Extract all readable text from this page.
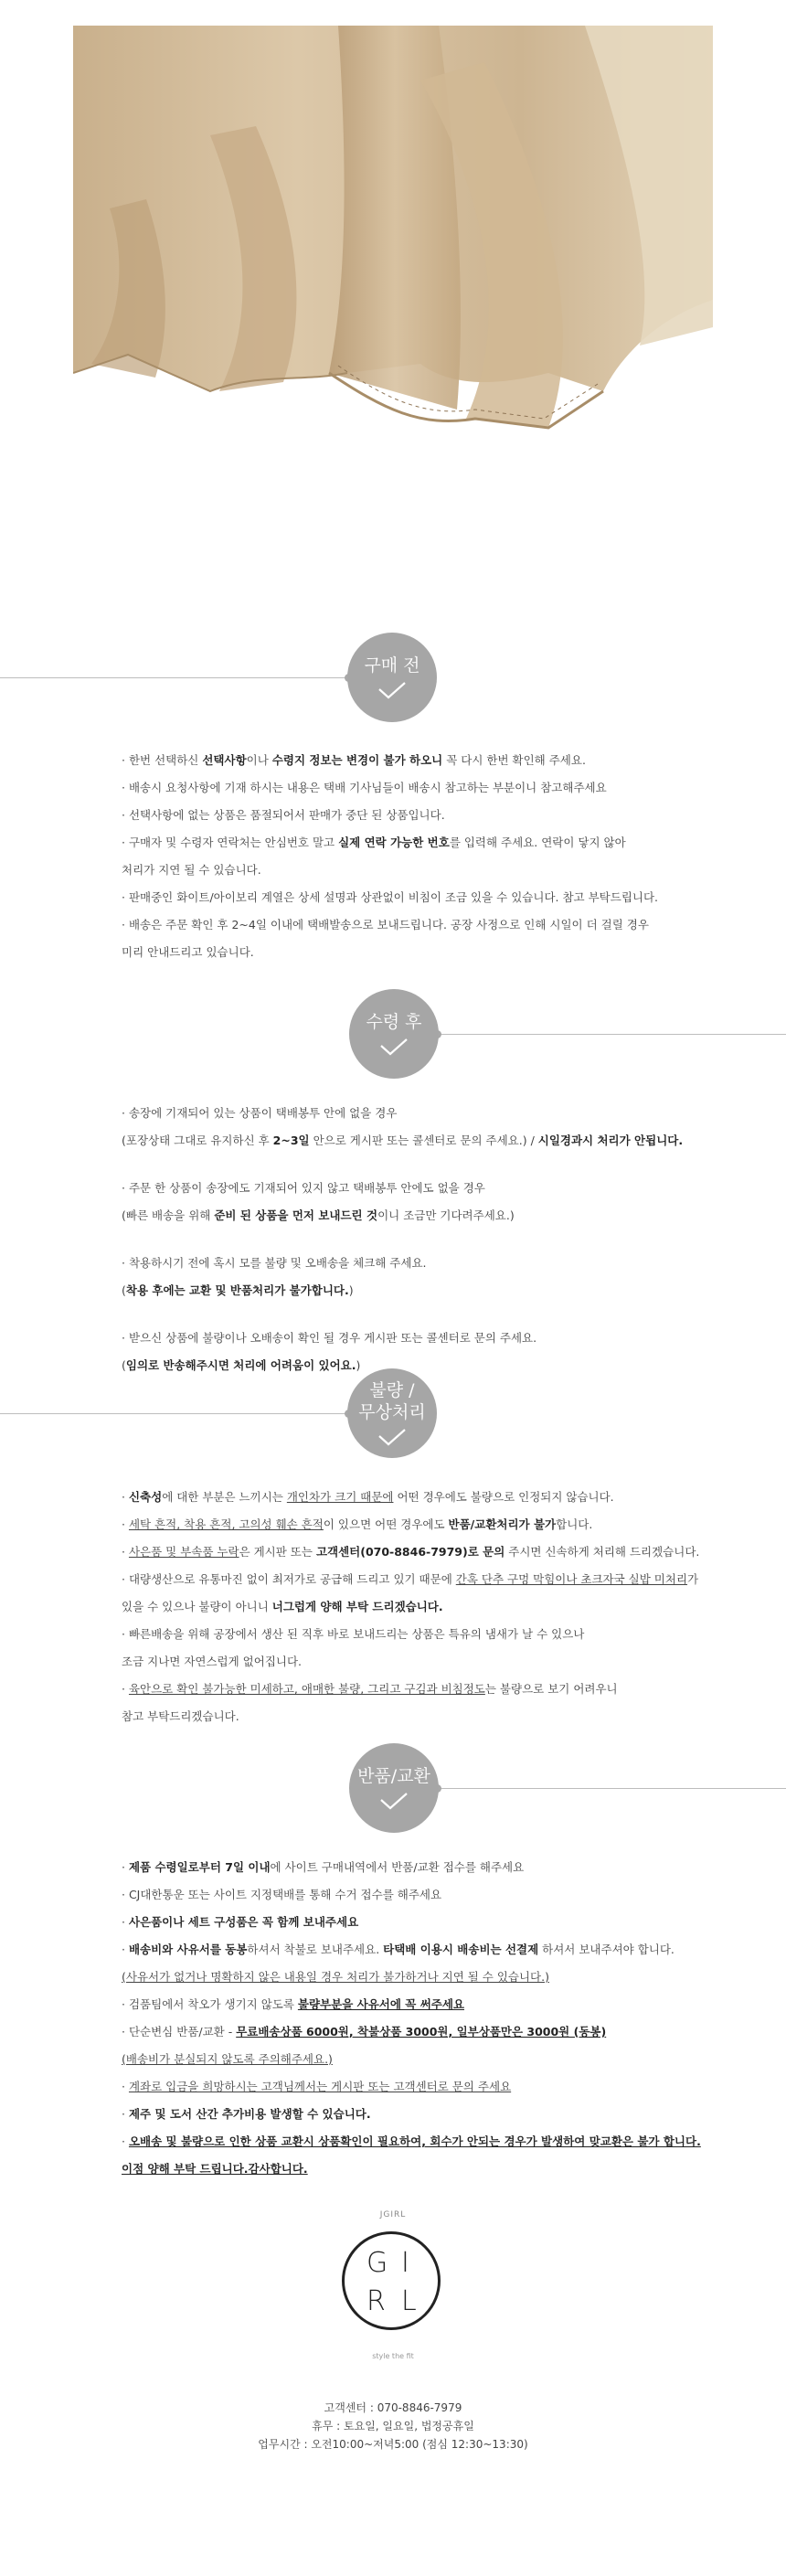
구매 전
· 한번 선택하신 선택사항이나 수령지 정보는 변경이 불가 하오니 꼭 다시 한번 확인해 주세요.
· 배송시 요청사항에 기재 하시는 내용은 택배 기사님들이 배송시 참고하는 부분이니 참고해주세요
· 선택사항에 없는 상품은 품절되어서 판매가 중단 된 상품입니다.
· 구매자 및 수령자 연락처는 안심번호 말고 실제 연락 가능한 번호를 입력해 주세요. 연락이 닿지 않아
처리가 지연 될 수 있습니다.
· 판매중인 화이트/아이보리 계열은 상세 설명과 상관없이 비침이 조금 있을 수 있습니다. 참고 부탁드립니다.
· 배송은 주문 확인 후 2~4일 이내에 택배발송으로 보내드립니다. 공장 사정으로 인해 시일이 더 걸릴 경우
미리 안내드리고 있습니다.
수령 후
· 송장에 기재되어 있는 상품이 택배봉투 안에 없을 경우
(포장상태 그대로 유지하신 후 2~3일 안으로 게시판 또는 콜센터로 문의 주세요.) / 시일경과시 처리가 안됩니다.
· 주문 한 상품이 송장에도 기재되어 있지 않고 택배봉투 안에도 없을 경우
(빠른 배송을 위해 준비 된 상품을 먼저 보내드린 것이니 조금만 기다려주세요.)
· 착용하시기 전에 혹시 모를 불량 및 오배송을 체크해 주세요.
(착용 후에는 교환 및 반품처리가 불가합니다.)
· 받으신 상품에 불량이나 오배송이 확인 될 경우 게시판 또는 콜센터로 문의 주세요.
(임의로 반송해주시면 처리에 어려움이 있어요.)
불량 /
무상처리
· 신축성에 대한 부분은 느끼시는 개인차가 크기 때문에 어떤 경우에도 불량으로 인정되지 않습니다.
· 세탁 흔적, 착용 흔적, 고의성 훼손 흔적이 있으면 어떤 경우에도 반품/교환처리가 불가합니다.
· 사은품 및 부속품 누락은 게시판 또는 고객센터(070-8846-7979)로 문의 주시면 신속하게 처리해 드리겠습니다.
· 대량생산으로 유통마진 없이 최저가로 공급해 드리고 있기 때문에 간혹 단추 구멍 막힘이나 초크자국 실밥 미처리가
있을 수 있으나 불량이 아니니 너그럽게 양해 부탁 드리겠습니다.
· 빠른배송을 위해 공장에서 생산 된 직후 바로 보내드리는 상품은 특유의 냄새가 날 수 있으나
조금 지나면 자연스럽게 없어집니다.
· 육안으로 확인 불가능한 미세하고, 애매한 불량, 그리고 구김과 비침정도는 불량으로 보기 어려우니
참고 부탁드리겠습니다.
반품/교환
· 제품 수령일로부터 7일 이내에 사이트 구매내역에서 반품/교환 접수를 해주세요
· CJ대한통운 또는 사이트 지정택배를 통해 수거 접수를 해주세요
· 사은품이나 세트 구성품은 꼭 함께 보내주세요
· 배송비와 사유서를 동봉하셔서 착불로 보내주세요. 타택배 이용시 배송비는 선결제 하셔서 보내주셔야 합니다.
(사유서가 없거나 명확하지 않은 내용일 경우 처리가 불가하거나 지연 될 수 있습니다.)
· 검품팀에서 착오가 생기지 않도록 불량부분을 사유서에 꼭 써주세요
· 단순변심 반품/교환 - 무료배송상품 6000원, 착불상품 3000원, 일부상품만은 3000원 (동봉)
(배송비가 분실되지 않도록 주의해주세요.)
· 계좌로 입금을 희망하시는 고객님께서는 게시판 또는 고객센터로 문의 주세요
· 제주 및 도서 산간 추가비용 발생할 수 있습니다.
· 오배송 및 불량으로 인한 상품 교환시 상품확인이 필요하여, 회수가 안되는 경우가 발생하여 맞교환은 불가 합니다.
이점 양해 부탁 드립니다.감사합니다.
JGIRL
G I
R L
style the fit
고객센터 : 070-8846-7979
휴무 : 토요일, 일요일, 법정공휴일
업무시간 : 오전10:00~저녁5:00 (점심 12:30~13:30)
